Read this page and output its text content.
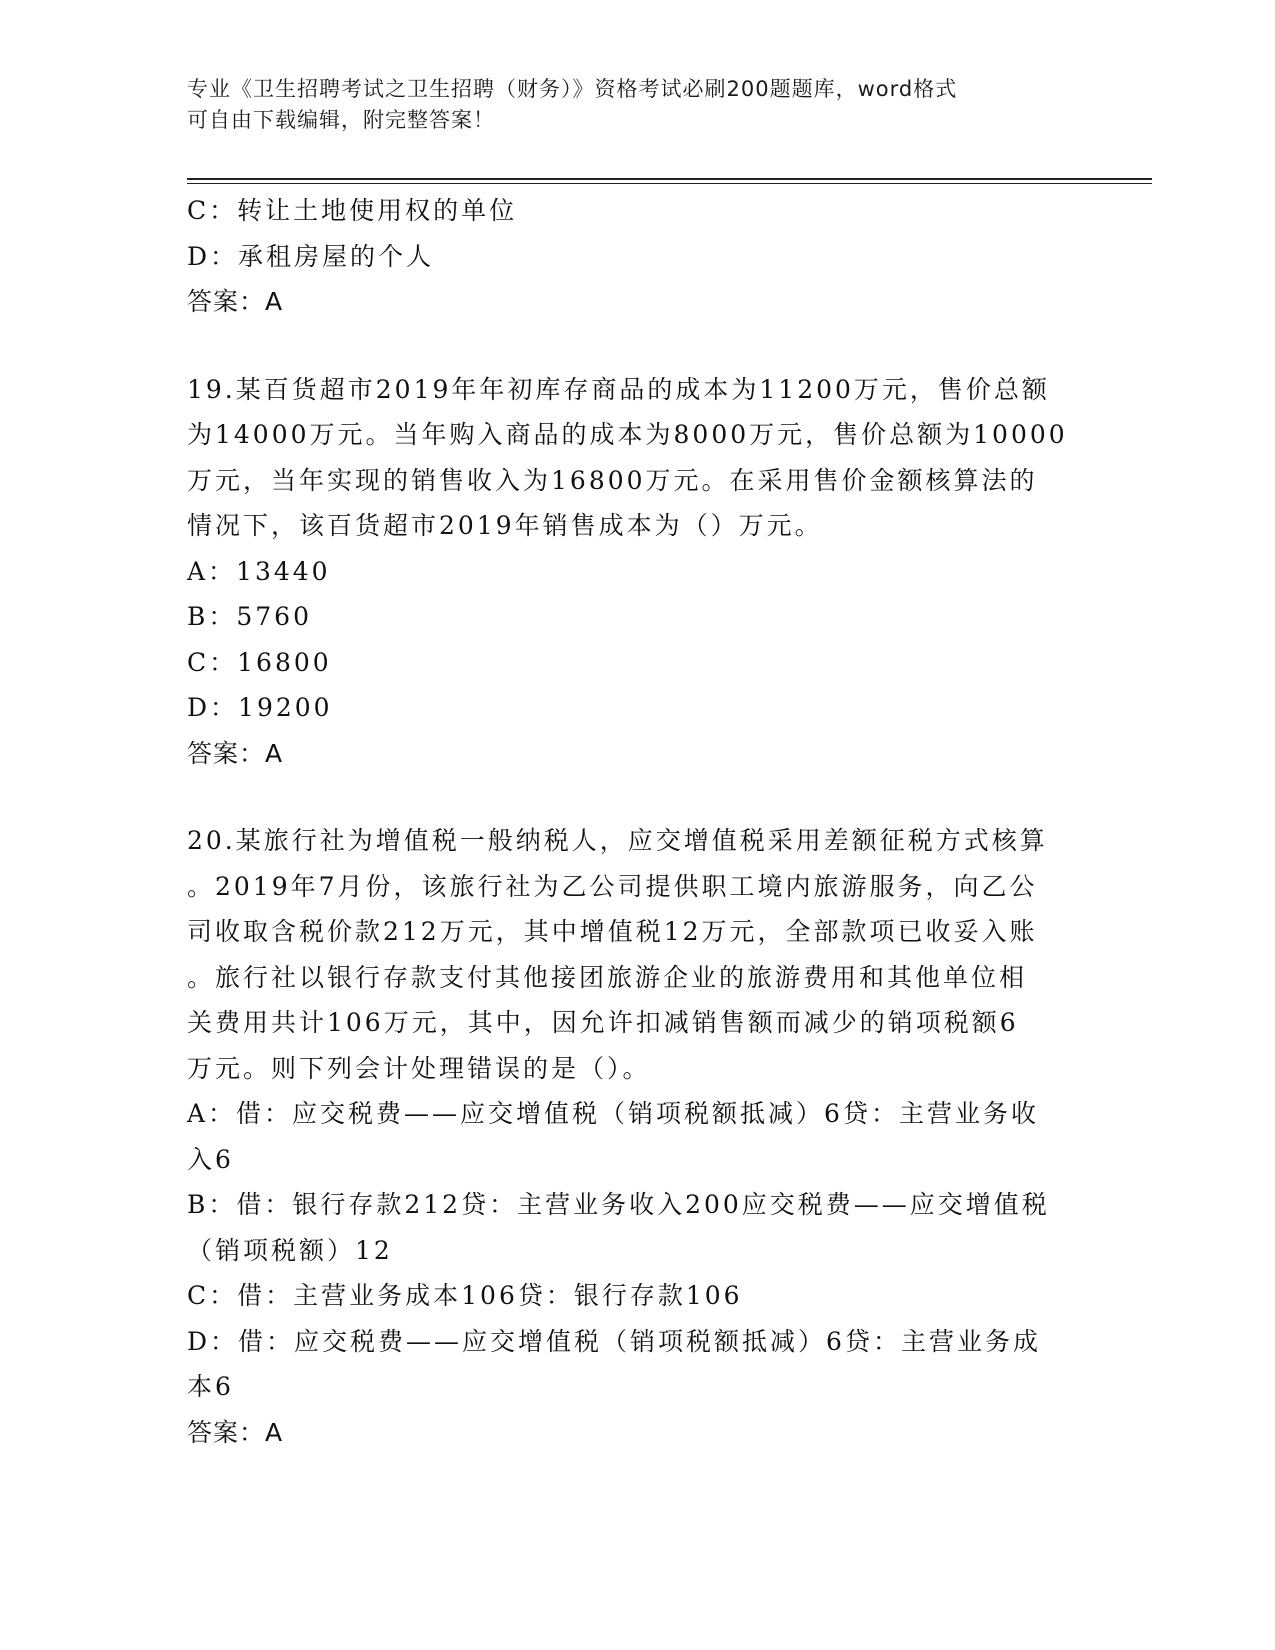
专业《卫生招聘考试之卫生招聘（财务）》资格考试必刷200题题库，word格式
可自由下载编辑，附完整答案！
C：转让土地使用权的单位
D：承租房屋的个人
答案：A
19.某百货超市2019年年初库存商品的成本为11200万元，售价总额
为14000万元。当年购入商品的成本为8000万元，售价总额为10000
万元，当年实现的销售收入为16800万元。在采用售价金额核算法的
情况下，该百货超市2019年销售成本为（）万元。
A：13440
B：5760
C：16800
D：19200
答案：A
20.某旅行社为增值税一般纳税人，应交增值税采用差额征税方式核算
。2019年7月份，该旅行社为乙公司提供职工境内旅游服务，向乙公
司收取含税价款212万元，其中增值税12万元，全部款项已收妥入账
。旅行社以银行存款支付其他接团旅游企业的旅游费用和其他单位相
关费用共计106万元，其中，因允许扣减销售额而减少的销项税额6
万元。则下列会计处理错误的是（）。
A：借：应交税费——应交增值税（销项税额抵减）6贷：主营业务收
入6
B：借：银行存款212贷：主营业务收入200应交税费——应交增值税
（销项税额）12
C：借：主营业务成本106贷：银行存款106
D：借：应交税费——应交增值税（销项税额抵减）6贷：主营业务成
本6
答案：A
